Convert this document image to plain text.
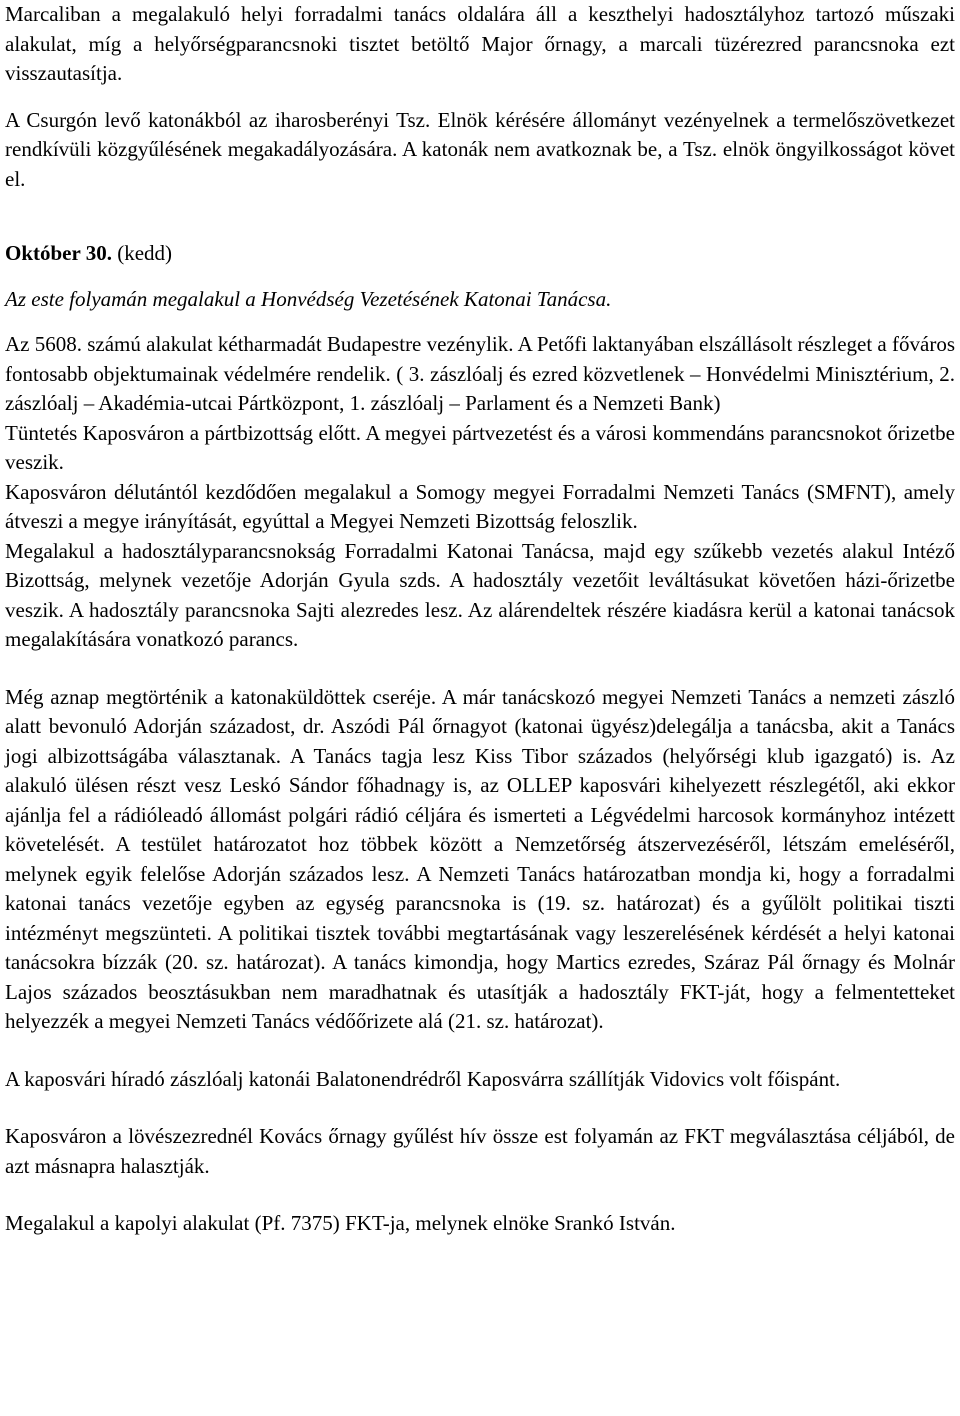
Marcaliban a megalakuló helyi forradalmi tanács oldalára áll a keszthelyi hadosztályhoz tartozó műszaki alakulat, míg a helyőrségparancsnoki tisztet betöltő Major őrnagy, a marcali tüzérezred parancsnoka ezt visszautasítja.

A Csurgón levő katonákból az iharosberényi Tsz. Elnök kérésére állományt vezényelnek a termelőszövetkezet rendkívüli közgyűlésének megakadályozására. A katonák nem avatkoznak be, a Tsz. elnök öngyilkosságot követ el.

Október 30. (kedd)

Az este folyamán megalakul a Honvédség Vezetésének Katonai Tanácsa.

Az 5608. számú alakulat kétharmadát Budapestre vezénylik. A Petőfi laktanyában elszállásolt részleget a főváros fontosabb objektumainak védelmére rendelik. ( 3. zászlóalj és ezred közvetlenek – Honvédelmi Minisztérium, 2. zászlóalj – Akadémia-utcai Pártközpont, 1. zászlóalj – Parlament és a Nemzeti Bank)

Tüntetés Kaposváron a pártbizottság előtt. A megyei pártvezetést és a városi kommendáns parancsnokot őrizetbe veszik.

Kaposváron délutántól kezdődően megalakul a Somogy megyei Forradalmi Nemzeti Tanács (SMFNT), amely átveszi a megye irányítását, egyúttal a Megyei Nemzeti Bizottság feloszlik.

Megalakul a hadosztályparancsnokság Forradalmi Katonai Tanácsa, majd egy szűkebb vezetés alakul Intéző Bizottság, melynek vezetője Adorján Gyula szds. A hadosztály vezetőit leváltásukat követően házi-őrizetbe veszik. A hadosztály parancsnoka Sajti alezredes lesz. Az alárendeltek részére kiadásra kerül a katonai tanácsok megalakítására vonatkozó parancs.

Még aznap megtörténik a katonaküldöttek cseréje. A már tanácskozó megyei Nemzeti Tanács a nemzeti zászló alatt bevonuló Adorján századost, dr. Aszódi Pál őrnagyot (katonai ügyész)delegálja a tanácsba, akit a Tanács jogi albizottságába választanak. A Tanács tagja lesz Kiss Tibor százados (helyőrségi klub igazgató) is. Az alakuló ülésen részt vesz Leskó Sándor főhadnagy is, az OLLEP kaposvári kihelyezett részlegétől, aki ekkor ajánlja fel a rádióleadó állomást polgári rádió céljára és ismerteti a Légvédelmi harcosok kormányhoz intézett követelését. A testület határozatot hoz többek között a Nemzetőrség átszervezéséről, létszám emeléséről, melynek egyik felelőse Adorján százados lesz. A Nemzeti Tanács határozatban mondja ki, hogy a forradalmi katonai tanács vezetője egyben az egység parancsnoka is (19. sz. határozat) és a gyűlölt politikai tiszti intézményt megszünteti. A politikai tisztek további megtartásának vagy leszerelésének kérdését a helyi katonai tanácsokra bízzák (20. sz. határozat). A tanács kimondja, hogy Martics ezredes, Száraz Pál őrnagy és Molnár Lajos százados beosztásukban nem maradhatnak és utasítják a hadosztály FKT-ját, hogy a felmentetteket helyezzék a megyei Nemzeti Tanács védőőrizete alá (21. sz. határozat).

A kaposvári híradó zászlóalj katonái Balatonendrédről Kaposvárra szállítják Vidovics volt főispánt.

Kaposváron a lövészezrednél Kovács őrnagy gyűlést hív össze est folyamán az FKT megválasztása céljából, de azt másnapra halasztják.

Megalakul a kapolyi alakulat (Pf. 7375) FKT-ja, melynek elnöke Srankó István.
